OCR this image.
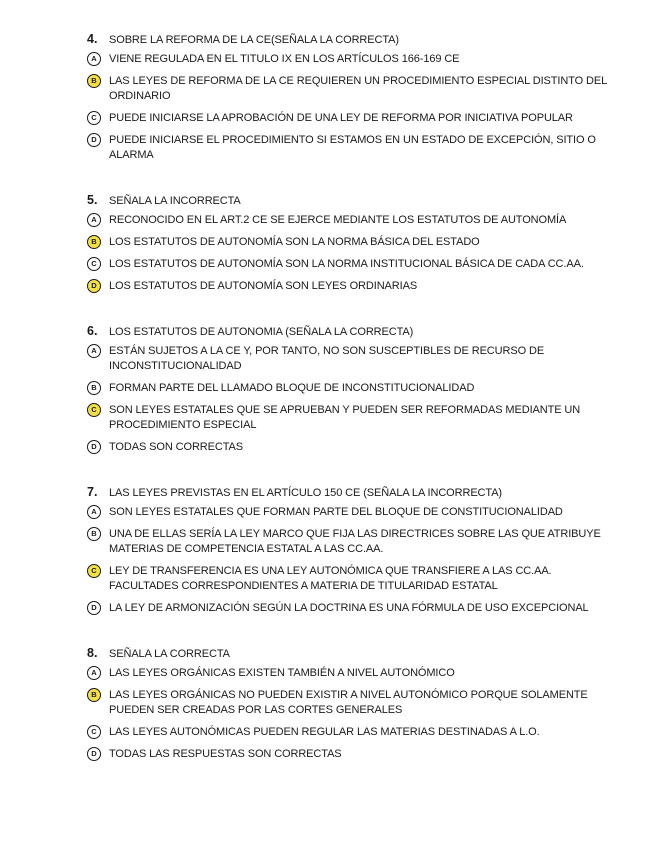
4.	SOBRE LA REFORMA DE LA CE(SEÑALA LA CORRECTA)
A	VIENE REGULADA EN EL TITULO IX EN LOS ARTÍCULOS 166-169 CE
B	LAS LEYES DE REFORMA DE LA CE REQUIEREN UN PROCEDIMIENTO ESPECIAL DISTINTO DEL ORDINARIO
C	PUEDE INICIARSE LA APROBACIÓN DE UNA LEY DE REFORMA POR INICIATIVA POPULAR
D	PUEDE INICIARSE EL PROCEDIMIENTO SI ESTAMOS EN UN ESTADO DE EXCEPCIÓN, SITIO O ALARMA
5.	SEÑALA LA INCORRECTA
A	RECONOCIDO EN EL ART.2 CE SE EJERCE MEDIANTE LOS ESTATUTOS DE AUTONOMÍA
B	LOS ESTATUTOS DE AUTONOMÍA SON LA NORMA BÁSICA DEL ESTADO
C	LOS ESTATUTOS DE AUTONOMÍA SON LA NORMA INSTITUCIONAL BÁSICA DE CADA CC.AA.
D	LOS ESTATUTOS DE AUTONOMÍA SON LEYES ORDINARIAS
6.	LOS ESTATUTOS DE AUTONOMIA (SEÑALA LA CORRECTA)
A	ESTÁN SUJETOS A LA CE Y, POR TANTO, NO SON SUSCEPTIBLES DE RECURSO DE INCONSTITUCIONALIDAD
B	FORMAN PARTE DEL LLAMADO BLOQUE DE INCONSTITUCIONALIDAD
C	SON LEYES ESTATALES QUE SE APRUEBAN Y PUEDEN SER REFORMADAS MEDIANTE UN PROCEDIMIENTO ESPECIAL
D	TODAS SON CORRECTAS
7.	LAS LEYES PREVISTAS EN EL ARTÍCULO 150 CE (SEÑALA LA INCORRECTA)
A	SON LEYES ESTATALES QUE FORMAN PARTE DEL BLOQUE DE CONSTITUCIONALIDAD
B	UNA DE ELLAS SERÍA LA LEY MARCO QUE FIJA LAS DIRECTRICES SOBRE LAS QUE ATRIBUYE MATERIAS DE COMPETENCIA ESTATAL A LAS CC.AA.
C	LEY DE TRANSFERENCIA ES UNA LEY AUTONÓMICA QUE TRANSFIERE A LAS CC.AA. FACULTADES CORRESPONDIENTES A MATERIA DE TITULARIDAD ESTATAL
D	LA LEY DE ARMONIZACIÓN SEGÚN LA DOCTRINA ES UNA FÓRMULA DE USO EXCEPCIONAL
8.	SEÑALA LA CORRECTA
A	LAS LEYES ORGÁNICAS EXISTEN TAMBIÉN A NIVEL AUTONÓMICO
B	LAS LEYES ORGÁNICAS NO PUEDEN EXISTIR A NIVEL AUTONÓMICO PORQUE SOLAMENTE PUEDEN SER CREADAS POR LAS CORTES GENERALES
C	LAS LEYES AUTONÓMICAS PUEDEN REGULAR LAS MATERIAS DESTINADAS A L.O.
D	TODAS LAS RESPUESTAS SON CORRECTAS
